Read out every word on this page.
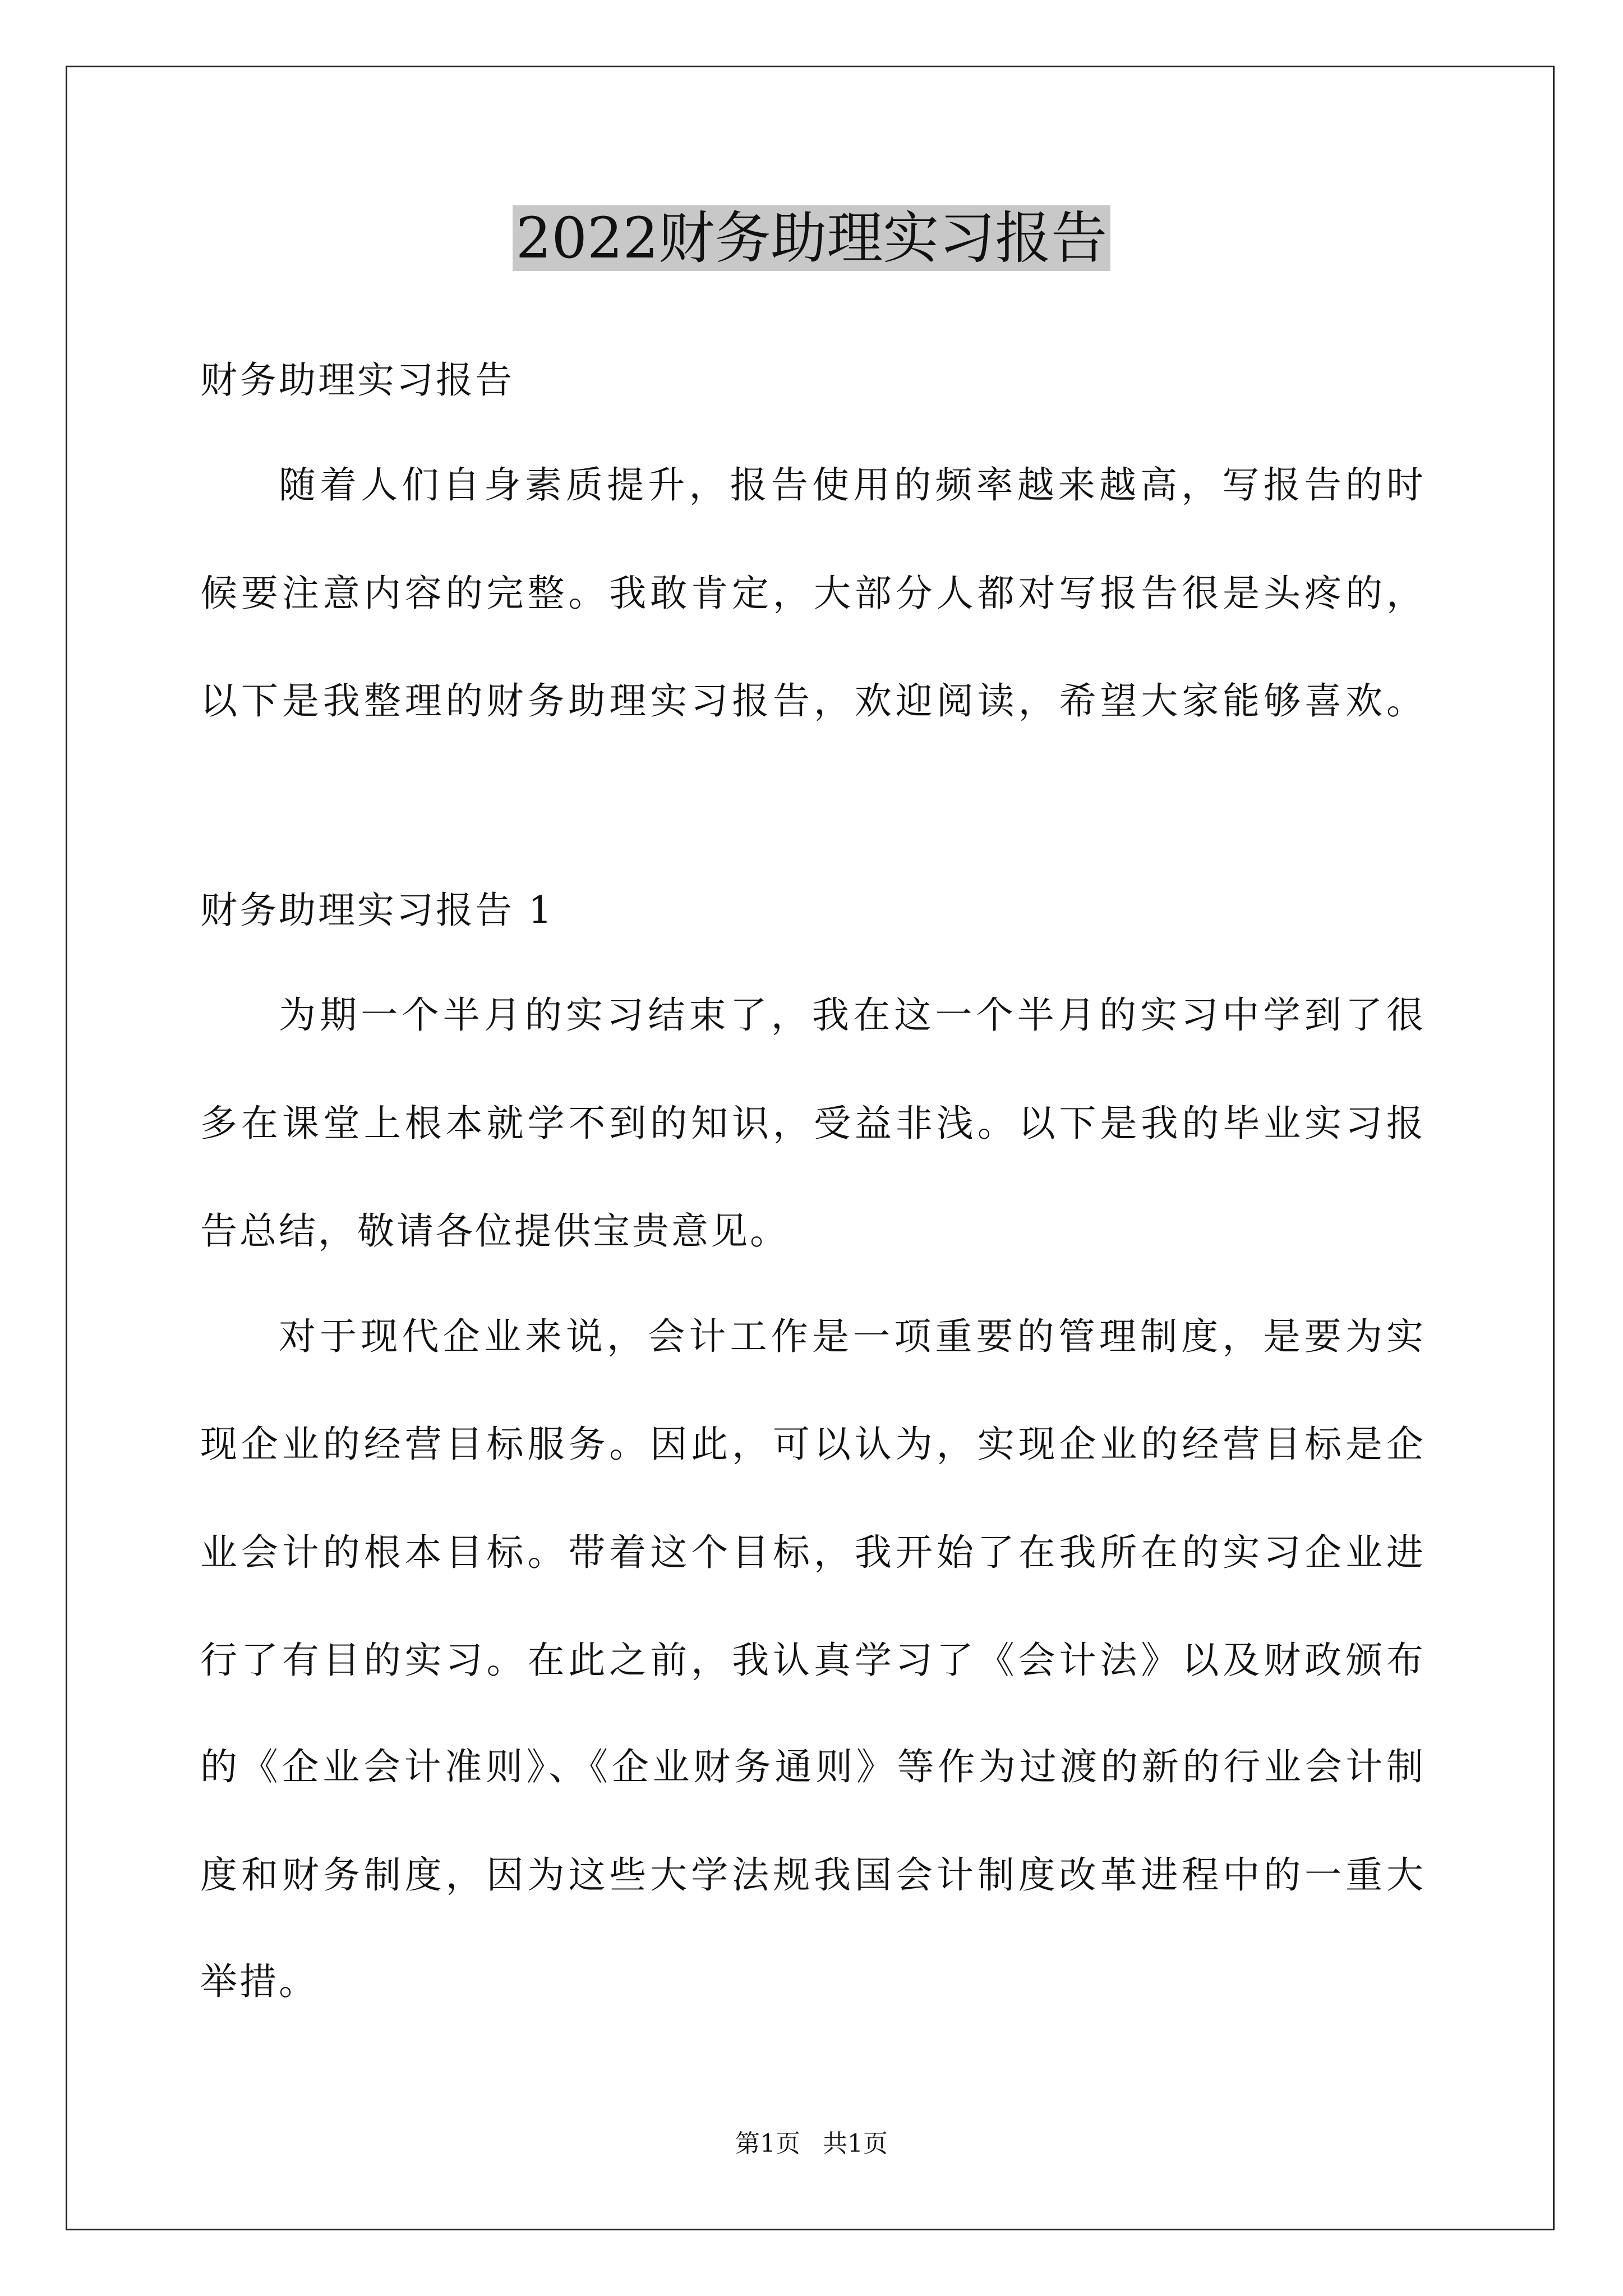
2022财务助理实习报告
财务助理实习报告
随着人们自身素质提升，报告使用的频率越来越高，写报告的时
候要注意内容的完整。我敢肯定，大部分人都对写报告很是头疼的，
以下是我整理的财务助理实习报告，欢迎阅读，希望大家能够喜欢。
财务助理实习报告 1
为期一个半月的实习结束了，我在这一个半月的实习中学到了很
多在课堂上根本就学不到的知识，受益非浅。以下是我的毕业实习报
告总结，敬请各位提供宝贵意见。
对于现代企业来说，会计工作是一项重要的管理制度，是要为实
现企业的经营目标服务。因此，可以认为，实现企业的经营目标是企
业会计的根本目标。带着这个目标，我开始了在我所在的实习企业进
行了有目的实习。在此之前，我认真学习了《会计法》以及财政颁布
的《企业会计准则》、《企业财务通则》等作为过渡的新的行业会计制
度和财务制度，因为这些大学法规我国会计制度改革进程中的一重大
举措。
第1页 共1页
